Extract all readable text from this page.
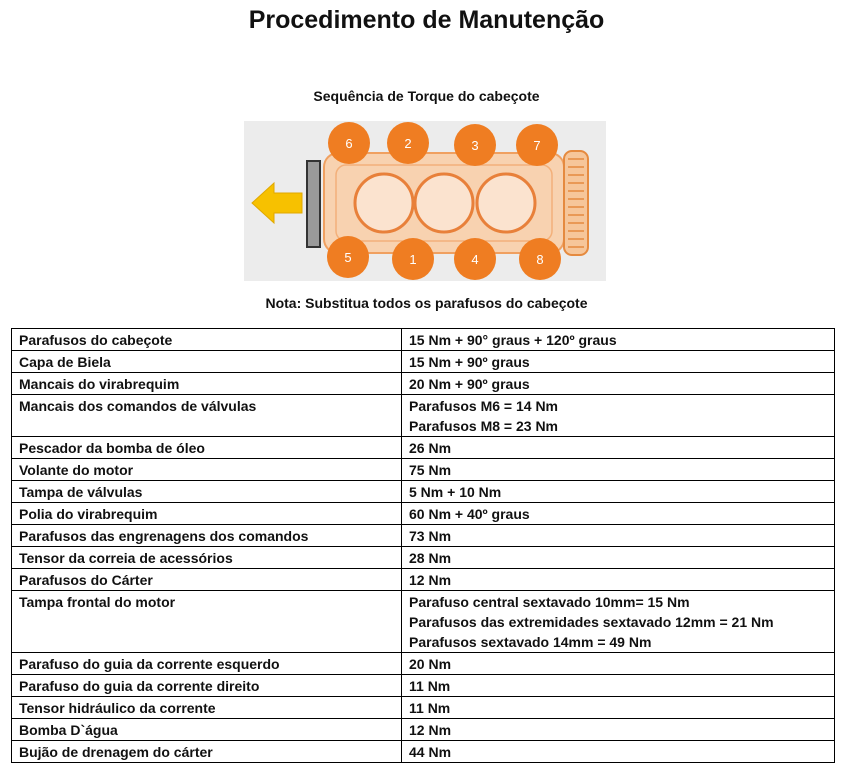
Procedimento de Manutenção
Sequência de Torque do cabeçote
6	2	3	7
5	1	4	8
Nota: Substitua todos os parafusos do cabeçote
Parafusos do cabeçote	15 Nm + 90° graus + 120º graus

Capa de Biela	15 Nm + 90º graus

Mancais do virabrequim	20 Nm + 90º graus

Mancais dos comandos de válvulas	Parafusos M6 = 14 Nm
Parafusos M8 = 23 Nm

Pescador da bomba de óleo	26 Nm

Volante do motor	75 Nm

Tampa de válvulas	5 Nm + 10 Nm

Polia do virabrequim	60 Nm + 40º graus

Parafusos das engrenagens dos comandos	73 Nm

Tensor da correia de acessórios	28 Nm

Parafusos do Cárter	12 Nm

Tampa frontal do motor	Parafuso central sextavado 10mm= 15 Nm
Parafusos das extremidades sextavado 12mm = 21 Nm
Parafusos sextavado 14mm = 49 Nm

Parafuso do guia da corrente esquerdo	20 Nm

Parafuso do guia da corrente direito	11 Nm

Tensor hidráulico da corrente	11 Nm

Bomba D`água	12 Nm

Bujão de drenagem do cárter	44 Nm
